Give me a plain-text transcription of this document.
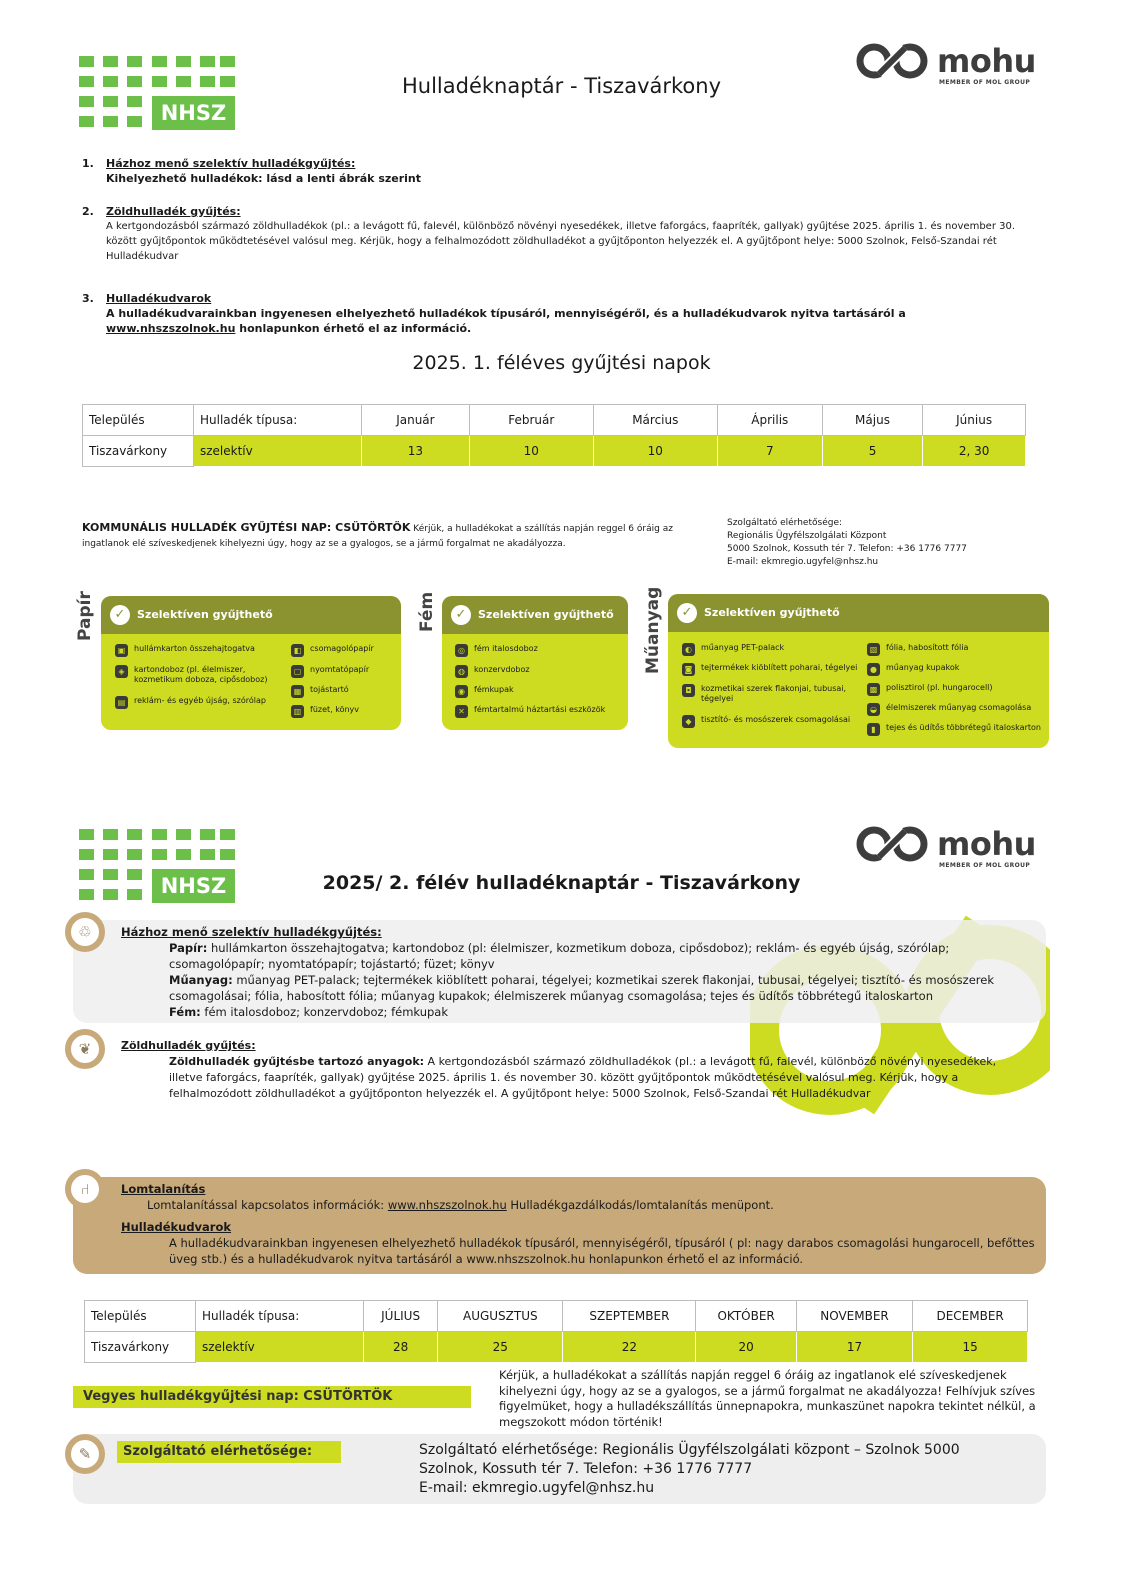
NHSZ
mohu
MEMBER OF MOL GROUP
Hulladéknaptár - Tiszavárkony
1. Házhoz menő szelektív hulladékgyűjtés:
Kihelyezhető hulladékok: lásd a lenti ábrák szerint
2. Zöldhulladék gyűjtés:
A kertgondozásból származó zöldhulladékok (pl.: a levágott fű, falevél, különböző növényi nyesedékek, illetve faforgács, faapríték, gallyak) gyűjtése 2025. április 1. és november 30. között gyűjtőpontok működtetésével valósul meg. Kérjük, hogy a felhalmozódott zöldhulladékot a gyűjtőponton helyezzék el. A gyűjtőpont helye: 5000 Szolnok, Felső-Szandai rét Hulladékudvar
3. Hulladékudvarok
A hulladékudvarainkban ingyenesen elhelyezhető hulladékok típusáról, mennyiségéről, és a hulladékudvarok nyitva tartásáról a www.nhszszolnok.hu honlapunkon érhető el az információ.
2025. 1. féléves gyűjtési napok
Település	Hulladék típusa:	Január	Február	Március	Április	Május	Június
Tiszavárkony	szelektív	13	10	10	7	5	2, 30
KOMMUNÁLIS HULLADÉK GYŰJTÉSI NAP: CSÜTÖRTÖK Kérjük, a hulladékokat a szállítás napján reggel 6 óráig az ingatlanok elé szíveskedjenek kihelyezni úgy, hogy az se a gyalogos, se a jármű forgalmat ne akadályozza.
Szolgáltató elérhetősége:
Regionális Ügyfélszolgálati Központ
5000 Szolnok, Kossuth tér 7. Telefon: +36 1776 7777
E-mail: ekmregio.ugyfel@nhsz.hu
Papír	✓	Szelektíven gyűjthető
▣	hullámkarton összehajtogatva
◈	kartondoboz (pl. élelmiszer, kozmetikum doboza, cipősdoboz)
▤	reklám- és egyéb újság, szórólap
◧	csomagolópapír
▢	nyomtatópapír
▦	tojástartó
▥	füzet, könyv
Fém	✓	Szelektíven gyűjthető
◎	fém italosdoboz
◍	konzervdoboz
◉	fémkupak
✕	fémtartalmú háztartási eszközök
Műanyag	✓	Szelektíven gyűjthető
◐	műanyag PET-palack
◙	tejtermékek kiöblített poharai, tégelyei
◘	kozmetikai szerek flakonjai, tubusai, tégelyei
◆	tisztító- és mosószerek csomagolásai
▧	fólia, habosított fólia
●	műanyag kupakok
▩	polisztirol (pl. hungarocell)
◒	élelmiszerek műanyag csomagolása
▮	tejes és üdítős többrétegű italoskarton
NHSZ
mohu
MEMBER OF MOL GROUP
2025/ 2. félév hulladéknaptár - Tiszavárkony
♲	Házhoz menő szelektív hulladékgyűjtés:
Papír: hullámkarton összehajtogatva; kartondoboz (pl: élelmiszer, kozmetikum doboza, cipősdoboz); reklám- és egyéb újság, szórólap; csomagolópapír; nyomtatópapír; tojástartó; füzet; könyv
Műanyag: műanyag PET-palack; tejtermékek kiöblített poharai, tégelyei; kozmetikai szerek flakonjai, tubusai, tégelyei; tisztító- és mosószerek csomagolásai; fólia, habosított fólia; műanyag kupakok; élelmiszerek műanyag csomagolása; tejes és üdítős többrétegű italoskarton
Fém: fém italosdoboz; konzervdoboz; fémkupak
❦	Zöldhulladék gyűjtés:
Zöldhulladék gyűjtésbe tartozó anyagok: A kertgondozásból származó zöldhulladékok (pl.: a levágott fű, falevél, különböző növényi nyesedékek, illetve faforgács, faapríték, gallyak) gyűjtése 2025. április 1. és november 30. között gyűjtőpontok működtetésével valósul meg. Kérjük, hogy a felhalmozódott zöldhulladékot a gyűjtőponton helyezzék el. A gyűjtőpont helye: 5000 Szolnok, Felső-Szandai rét Hulladékudvar
⑁	Lomtalanítás
Lomtalanítással kapcsolatos információk: www.nhszszolnok.hu Hulladékgazdálkodás/lomtalanítás menüpont.
Hulladékudvarok
A hulladékudvarainkban ingyenesen elhelyezhető hulladékok típusáról, mennyiségéről, típusáról ( pl: nagy darabos csomagolási hungarocell, befőttes üveg stb.) és a hulladékudvarok nyitva tartásáról a www.nhszszolnok.hu honlapunkon érhető el az információ.
Település	Hulladék típusa:	JÚLIUS	AUGUSZTUS	SZEPTEMBER	OKTÓBER	NOVEMBER	DECEMBER
Tiszavárkony	szelektív	28	25	22	20	17	15
Vegyes hulladékgyűjtési nap: CSÜTÖRTÖK
Kérjük, a hulladékokat a szállítás napján reggel 6 óráig az ingatlanok elé szíveskedjenek kihelyezni úgy, hogy az se a gyalogos, se a jármű forgalmat ne akadályozza! Felhívjuk szíves figyelmüket, hogy a hulladékszállítás ünnepnapokra, munkaszünet napokra tekintet nélkül, a megszokott módon történik!
✎	Szolgáltató elérhetősége:	Szolgáltató elérhetősége: Regionális Ügyfélszolgálati központ – Szolnok 5000
Szolnok, Kossuth tér 7. Telefon: +36 1776 7777
E-mail: ekmregio.ugyfel@nhsz.hu
